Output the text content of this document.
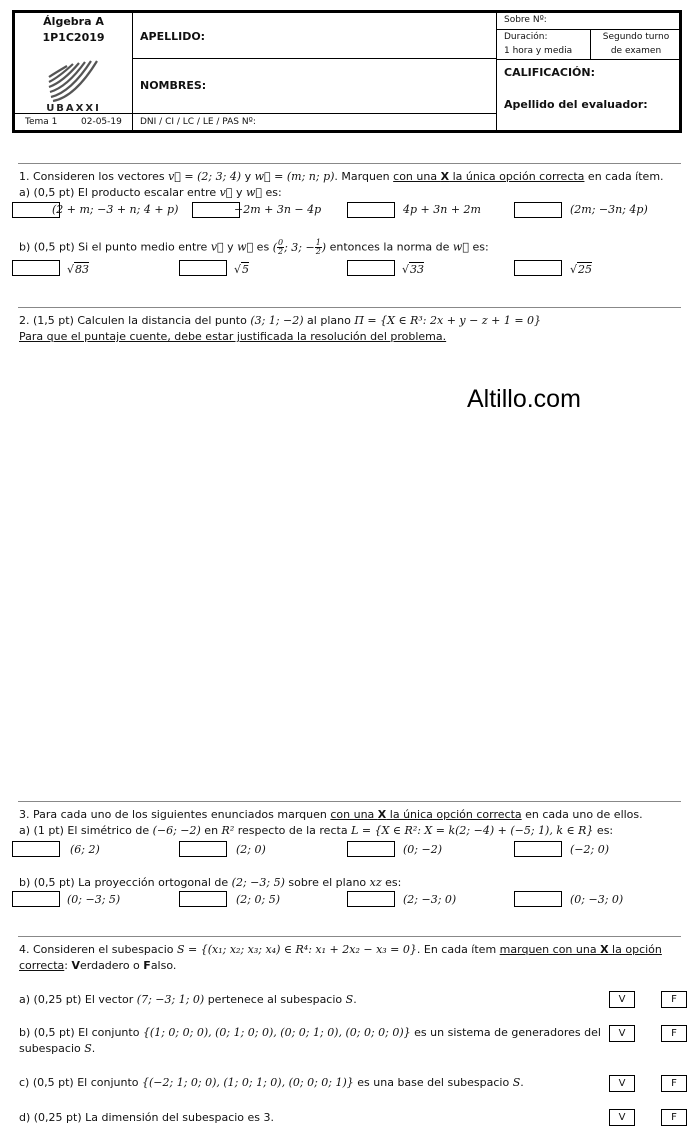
Álgebra A
1P1C2019
UBAXXI
Tema 1	02-05-19
APELLIDO:
NOMBRES:
DNI / CI / LC / LE / PAS Nº:
Sobre Nº:
Duración:
1 hora y media
Segundo turno
de examen
CALIFICACIÓN:
Apellido del evaluador:
1. Consideren los vectores v⃗ = (2; 3; 4) y w⃗ = (m; n; p). Marquen con una X la única opción correcta en cada ítem.
a) (0,5 pt) El producto escalar entre v⃗ y w⃗ es:
(2 + m; −3 + n; 4 + p)	−2m + 3n − 4p	4p + 3n + 2m	(2m; −3n; 4p)
b) (0,5 pt) Si el punto medio entre v⃗ y w⃗ es ( $\frac{0}{2}$ ; 3; − $\frac{1}{2}$ ) entonces la norma de w⃗ es:
√83	√5	√33	√25
2. (1,5 pt) Calculen la distancia del punto (3; 1; −2) al plano Π = {X ∈ R³: 2x + y − z + 1 = 0}
Para que el puntaje cuente, debe estar justificada la resolución del problema.
Altillo.com
3. Para cada uno de los siguientes enunciados marquen con una X la única opción correcta en cada uno de ellos.
a) (1 pt) El simétrico de (−6; −2) en R² respecto de la recta L = {X ∈ R²: X = k(2; −4) + (−5; 1), k ∈ R} es:
(6; 2)	(2; 0)	(0; −2)	(−2; 0)
b) (0,5 pt) La proyección ortogonal de (2; −3; 5) sobre el plano xz es:
(0; −3; 5)	(2; 0; 5)	(2; −3; 0)	(0; −3; 0)
4. Consideren el subespacio S = {(x₁; x₂; x₃; x₄) ∈ R⁴: x₁ + 2x₂ − x₃ = 0}. En cada ítem marquen con una X la opción
correcta: Verdadero o Falso.
a) (0,25 pt) El vector (7; −3; 1; 0) pertenece al subespacio S.	V	F
b) (0,5 pt) El conjunto {(1; 0; 0; 0), (0; 1; 0; 0), (0; 0; 1; 0), (0; 0; 0; 0)} es un sistema de generadores del
subespacio S.
V	F
c) (0,5 pt) El conjunto {(−2; 1; 0; 0), (1; 0; 1; 0), (0; 0; 0; 1)} es una base del subespacio S.	V	F
d) (0,25 pt) La dimensión del subespacio es 3.	V	F
